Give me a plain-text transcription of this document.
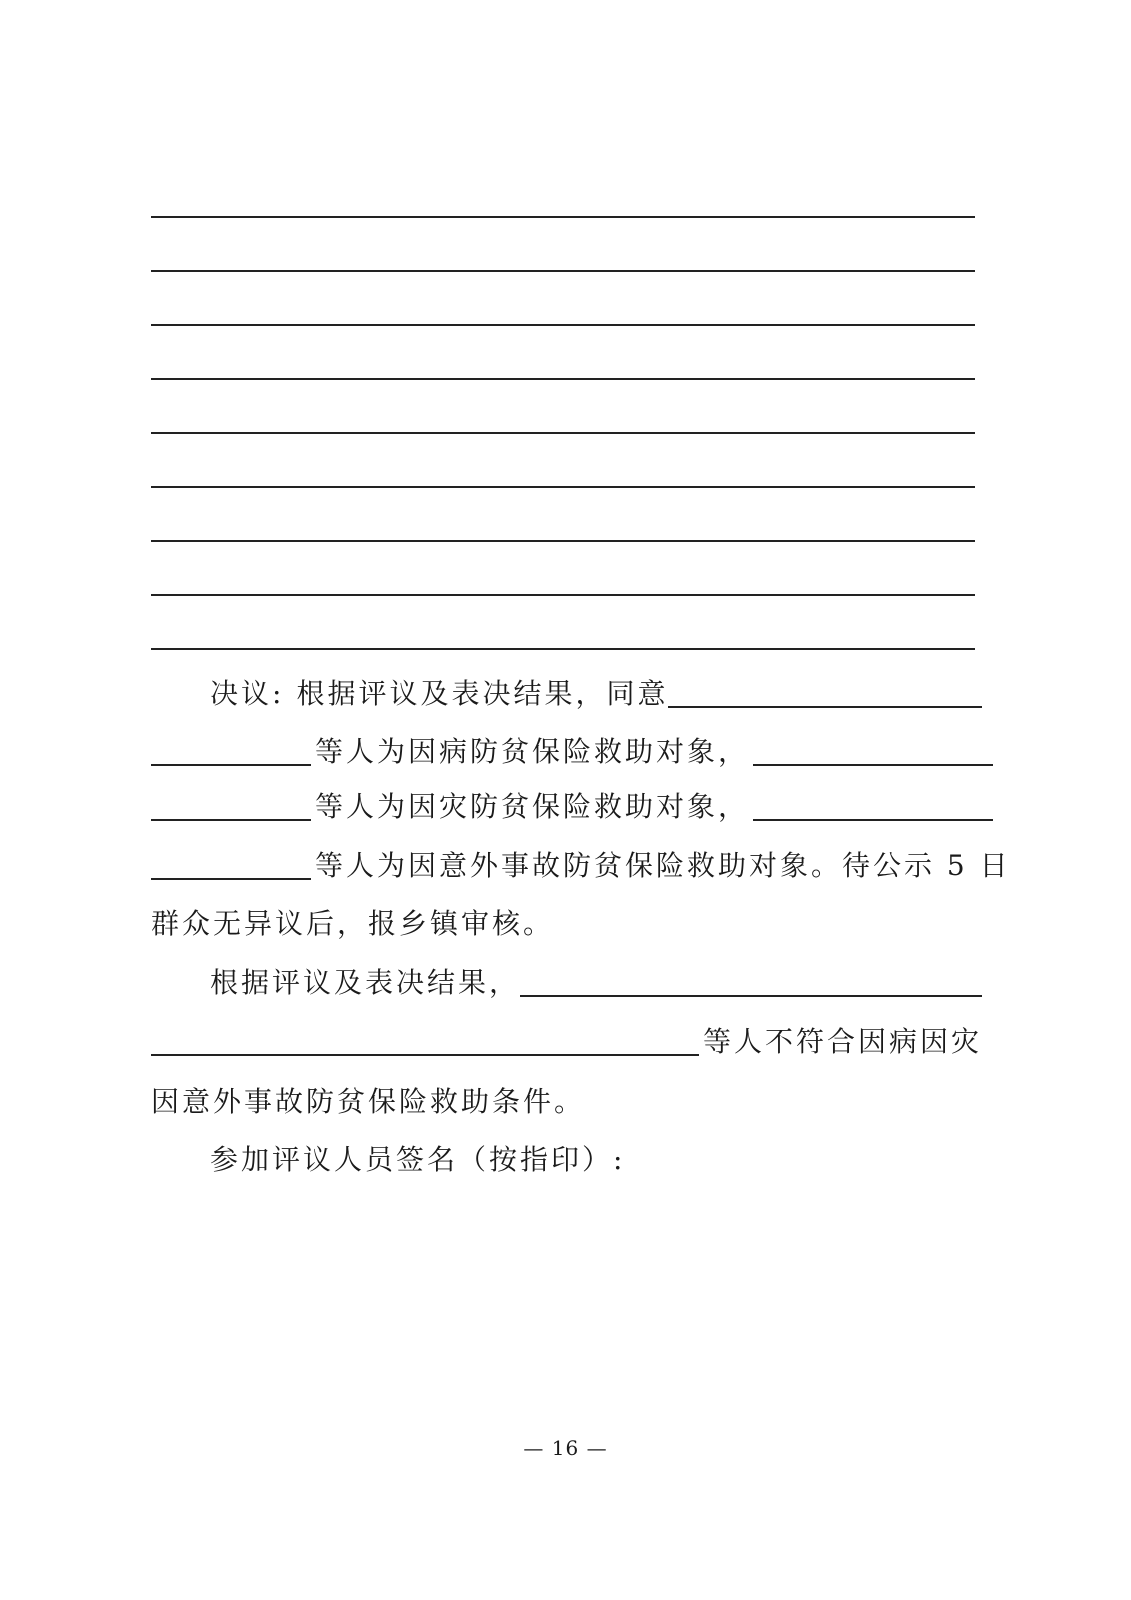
决议: 根据评议及表决结果，同意
等人为因病防贫保险救助对象，
等人为因灾防贫保险救助对象，
等人为因意外事故防贫保险救助对象。待公示 5 日
群众无异议后，报乡镇审核。
根据评议及表决结果，
等人不符合因病因灾
因意外事故防贫保险救助条件。
参加评议人员签名（按指印）:
— 16 —
